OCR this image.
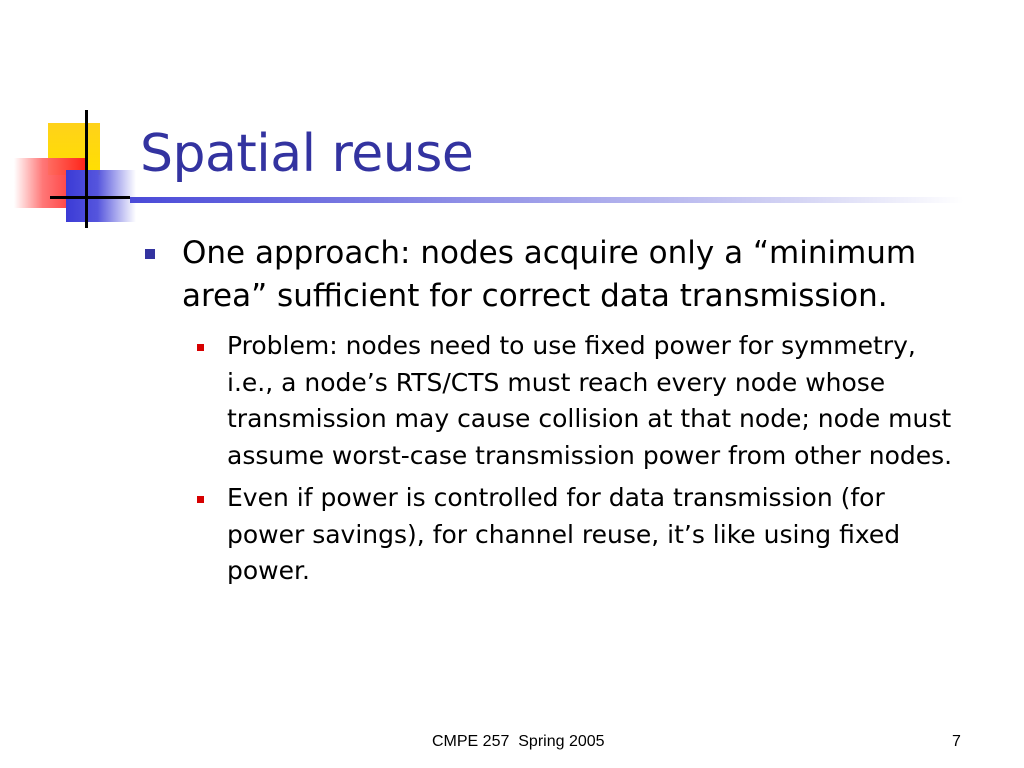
Spatial reuse
One approach: nodes acquire only a “minimum area” sufficient for correct data transmission.
Problem: nodes need to use fixed power for symmetry, i.e., a node’s RTS/CTS must reach every node whose transmission may cause collision at that node; node must assume worst-case transmission power from other nodes.
Even if power is controlled for data transmission (for power savings), for channel reuse, it’s like using fixed power.
CMPE 257  Spring 2005	7
